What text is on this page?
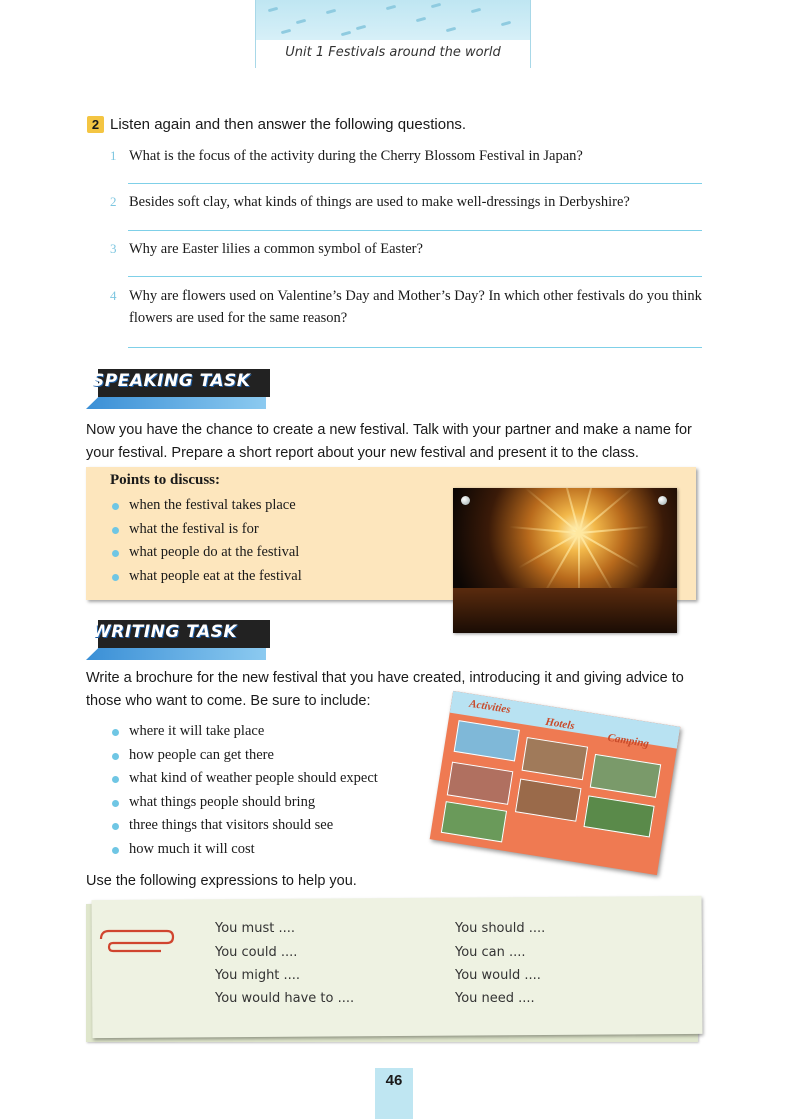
Unit 1 Festivals around the world
2 Listen again and then answer the following questions.
1 What is the focus of the activity during the Cherry Blossom Festival in Japan?
2 Besides soft clay, what kinds of things are used to make well-dressings in Derbyshire?
3 Why are Easter lilies a common symbol of Easter?
4 Why are flowers used on Valentine’s Day and Mother’s Day? In which other festivals do you think flowers are used for the same reason?
SPEAKING TASK
Now you have the chance to create a new festival. Talk with your partner and make a name for your festival. Prepare a short report about your new festival and present it to the class.
Points to discuss:
when the festival takes place
what the festival is for
what people do at the festival
what people eat at the festival
WRITING TASK
Write a brochure for the new festival that you have created, introducing it and giving advice to those who want to come. Be sure to include:
where it will take place
how people can get there
what kind of weather people should expect
what things people should bring
three things that visitors should see
how much it will cost
Activities
Hotels
Camping
Use the following expressions to help you.
You must ....
You could ....
You might ....
You would have to ....
You should ....
You can ....
You would ....
You need ....
46
